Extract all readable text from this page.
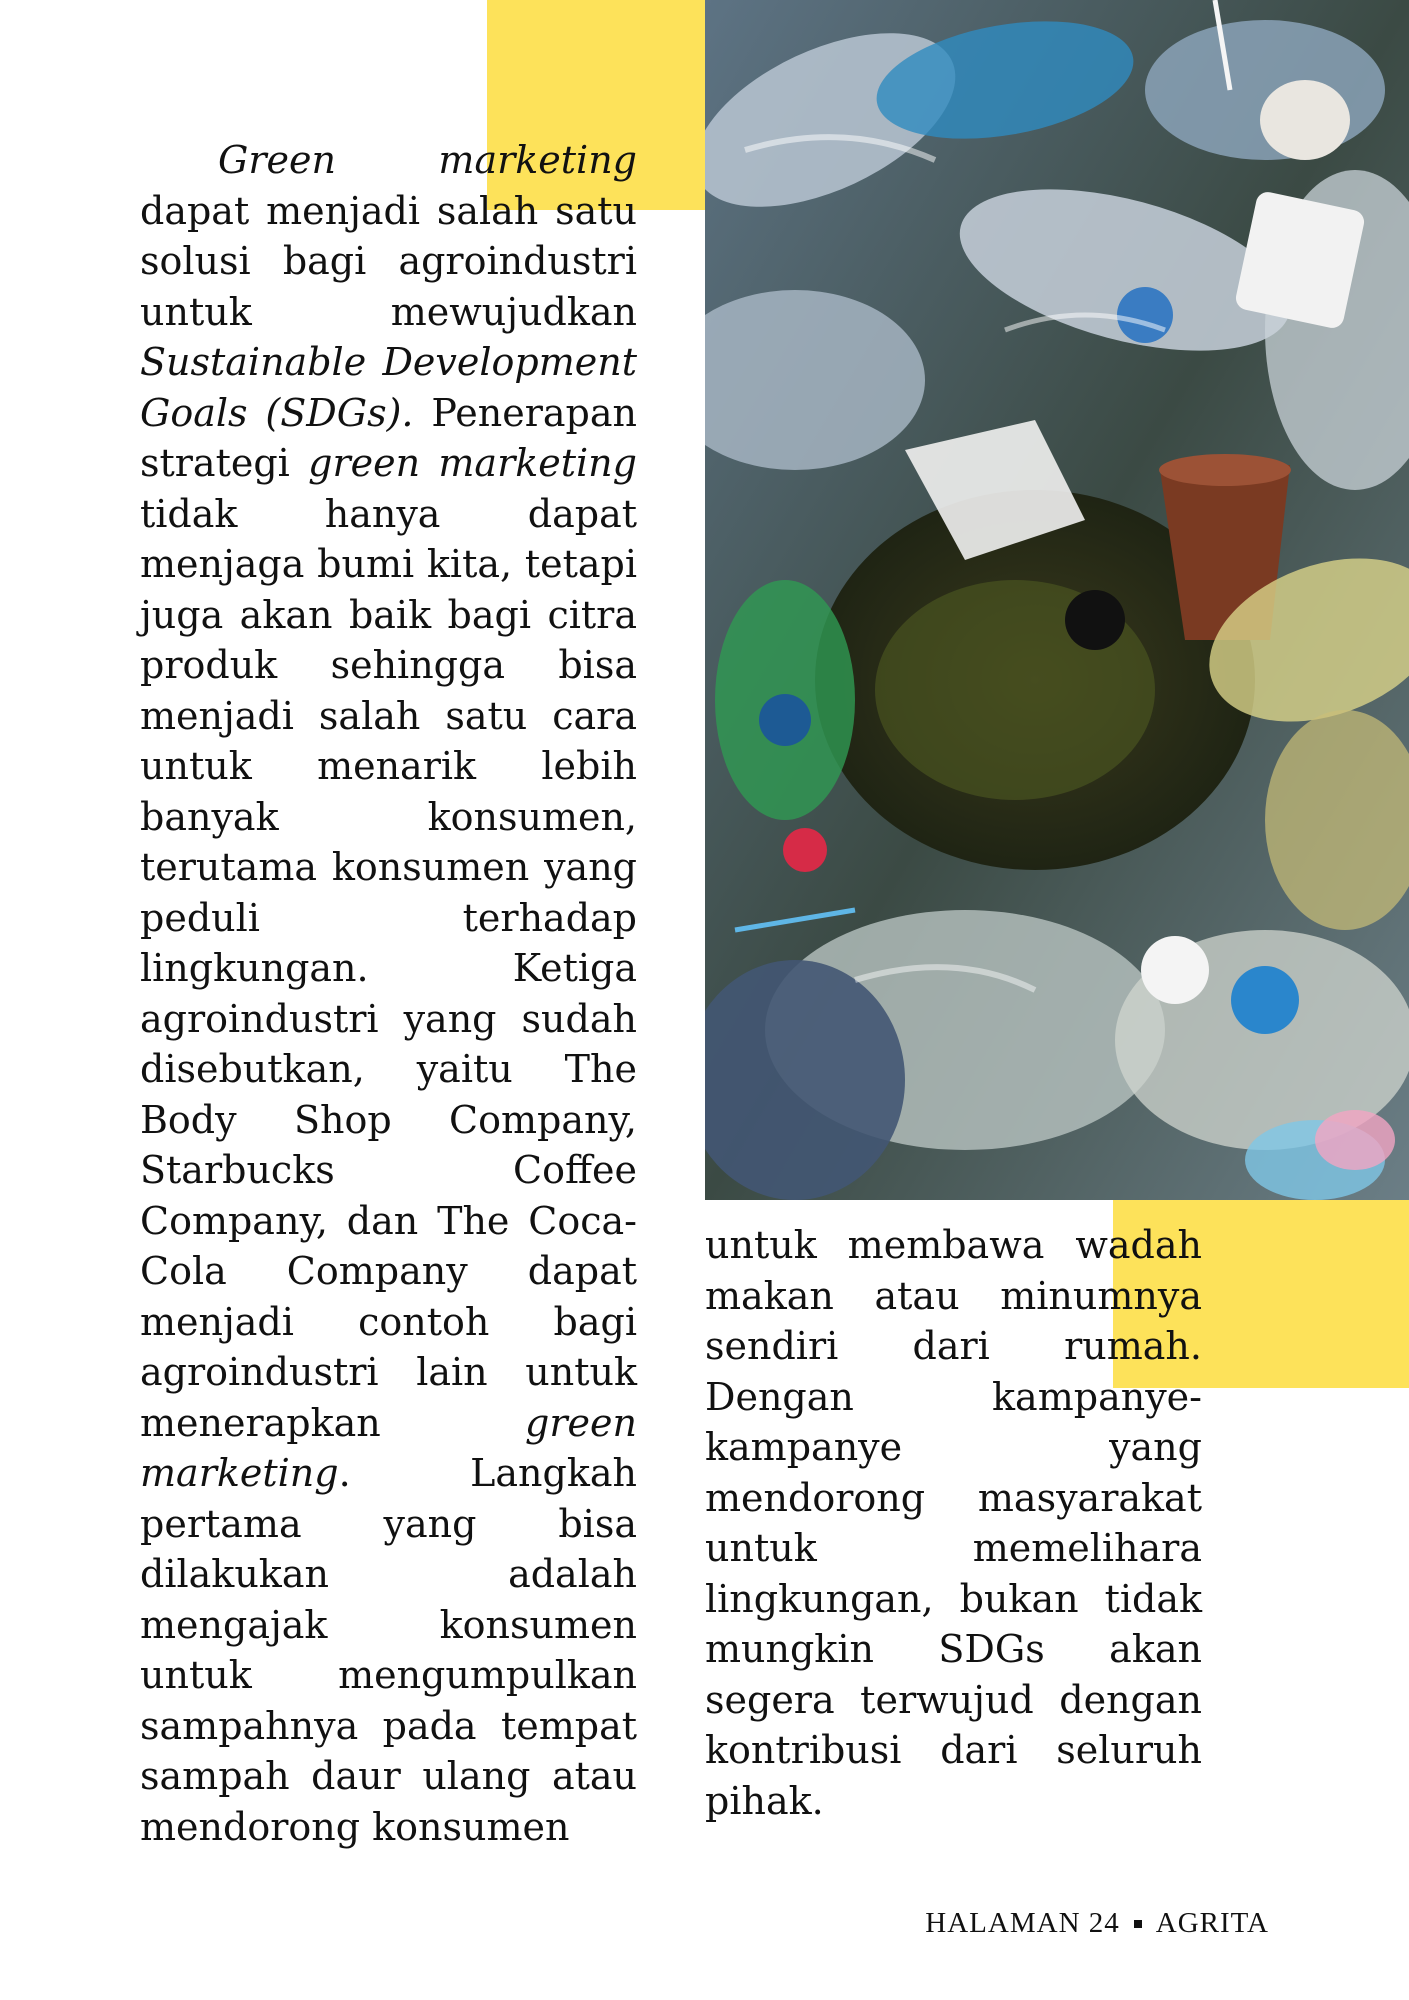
Green marketing dapat menjadi salah satu solusi bagi agroindustri untuk mewujudkan Sustainable Development Goals (SDGs). Penerapan strategi green marketing tidak hanya dapat menjaga bumi kita, tetapi juga akan baik bagi citra produk sehingga bisa menjadi salah satu cara untuk menarik lebih banyak konsumen, terutama konsumen yang peduli terhadap lingkungan. Ketiga agroindustri yang sudah disebutkan, yaitu The Body Shop Company, Starbucks Coffee Company, dan The Coca-Cola Company dapat menjadi contoh bagi agroindustri lain untuk menerapkan green marketing. Langkah pertama yang bisa dilakukan adalah mengajak konsumen untuk mengumpulkan sampahnya pada tempat sampah daur ulang atau mendorong konsumen

untuk membawa wadah makan atau minumnya sendiri dari rumah. Dengan kampanye-kampanye yang mendorong masyarakat untuk memelihara lingkungan, bukan tidak mungkin SDGs akan segera terwujud dengan kontribusi dari seluruh pihak.

HALAMAN 24 AGRITA
